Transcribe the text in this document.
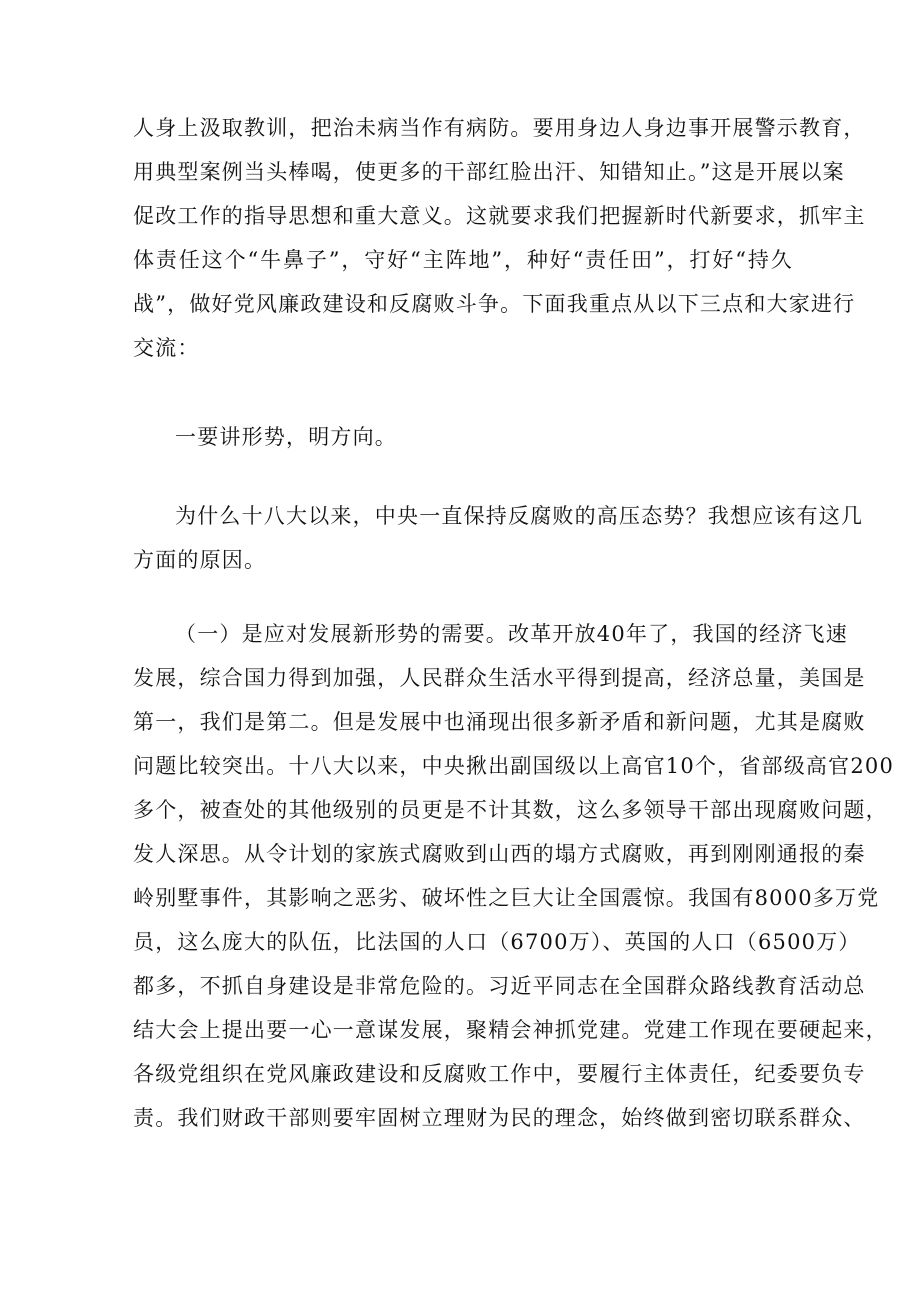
人身上汲取教训，把治未病当作有病防。要用身边人身边事开展警示教育，
用典型案例当头棒喝，使更多的干部红脸出汗、知错知止。”这是开展以案
促改工作的指导思想和重大意义。这就要求我们把握新时代新要求，抓牢主
体责任这个“牛鼻子”，守好“主阵地”，种好“责任田”，打好“持久
战”，做好党风廉政建设和反腐败斗争。下面我重点从以下三点和大家进行
交流：
一要讲形势，明方向。
为什么十八大以来，中央一直保持反腐败的高压态势？我想应该有这几
方面的原因。
（一）是应对发展新形势的需要。改革开放40年了，我国的经济飞速
发展，综合国力得到加强，人民群众生活水平得到提高，经济总量，美国是
第一，我们是第二。但是发展中也涌现出很多新矛盾和新问题，尤其是腐败
问题比较突出。十八大以来，中央揪出副国级以上高官10个，省部级高官200
多个，被查处的其他级别的员更是不计其数，这么多领导干部出现腐败问题，
发人深思。从令计划的家族式腐败到山西的塌方式腐败，再到刚刚通报的秦
岭别墅事件，其影响之恶劣、破坏性之巨大让全国震惊。我国有8000多万党
员，这么庞大的队伍，比法国的人口（6700万）、英国的人口（6500万）
都多，不抓自身建设是非常危险的。习近平同志在全国群众路线教育活动总
结大会上提出要一心一意谋发展，聚精会神抓党建。党建工作现在要硬起来，
各级党组织在党风廉政建设和反腐败工作中，要履行主体责任，纪委要负专
责。我们财政干部则要牢固树立理财为民的理念，始终做到密切联系群众、
